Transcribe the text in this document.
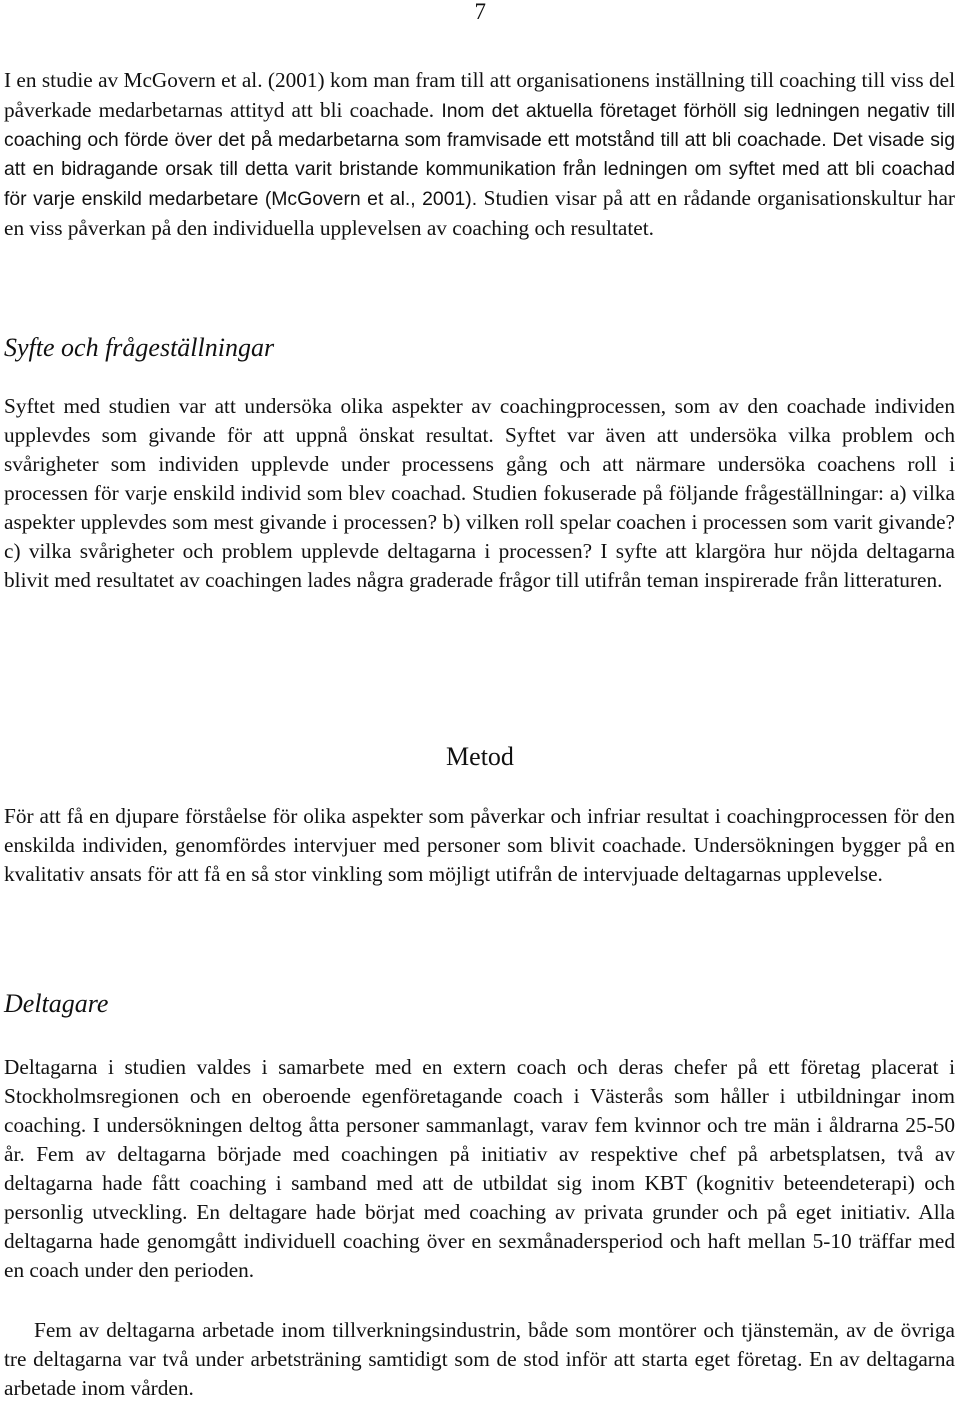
7

I en studie av McGovern et al. (2001) kom man fram till att organisationens inställning till coaching till viss del påverkade medarbetarnas attityd att bli coachade. Inom det aktuella företaget förhöll sig ledningen negativ till coaching och förde över det på medarbetarna som framvisade ett motstånd till att bli coachade. Det visade sig att en bidragande orsak till detta varit bristande kommunikation från ledningen om syftet med att bli coachad för varje enskild medarbetare (McGovern et al., 2001). Studien visar på att en rådande organisationskultur har en viss påverkan på den individuella upplevelsen av coaching och resultatet.

Syfte och frågeställningar

Syftet med studien var att undersöka olika aspekter av coachingprocessen, som av den coachade individen upplevdes som givande för att uppnå önskat resultat. Syftet var även att undersöka vilka problem och svårigheter som individen upplevde under processens gång och att närmare undersöka coachens roll i processen för varje enskild individ som blev coachad. Studien fokuserade på följande frågeställningar: a) vilka aspekter upplevdes som mest givande i processen? b) vilken roll spelar coachen i processen som varit givande? c) vilka svårigheter och problem upplevde deltagarna i processen? I syfte att klargöra hur nöjda deltagarna blivit med resultatet av coachingen lades några graderade frågor till utifrån teman inspirerade från litteraturen.

Metod

För att få en djupare förståelse för olika aspekter som påverkar och infriar resultat i coachingprocessen för den enskilda individen, genomfördes intervjuer med personer som blivit coachade. Undersökningen bygger på en kvalitativ ansats för att få en så stor vinkling som möjligt utifrån de intervjuade deltagarnas upplevelse.

Deltagare

Deltagarna i studien valdes i samarbete med en extern coach och deras chefer på ett företag placerat i Stockholmsregionen och en oberoende egenföretagande coach i Västerås som håller i utbildningar inom coaching. I undersökningen deltog åtta personer sammanlagt, varav fem kvinnor och tre män i åldrarna 25-50 år. Fem av deltagarna började med coachingen på initiativ av respektive chef på arbetsplatsen, två av deltagarna hade fått coaching i samband med att de utbildat sig inom KBT (kognitiv beteendeterapi) och personlig utveckling. En deltagare hade börjat med coaching av privata grunder och på eget initiativ. Alla deltagarna hade genomgått individuell coaching över en sexmånadersperiod och haft mellan 5-10 träffar med en coach under den perioden.

Fem av deltagarna arbetade inom tillverkningsindustrin, både som montörer och tjänstemän, av de övriga tre deltagarna var två under arbetsträning samtidigt som de stod inför att starta eget företag. En av deltagarna arbetade inom vården.
